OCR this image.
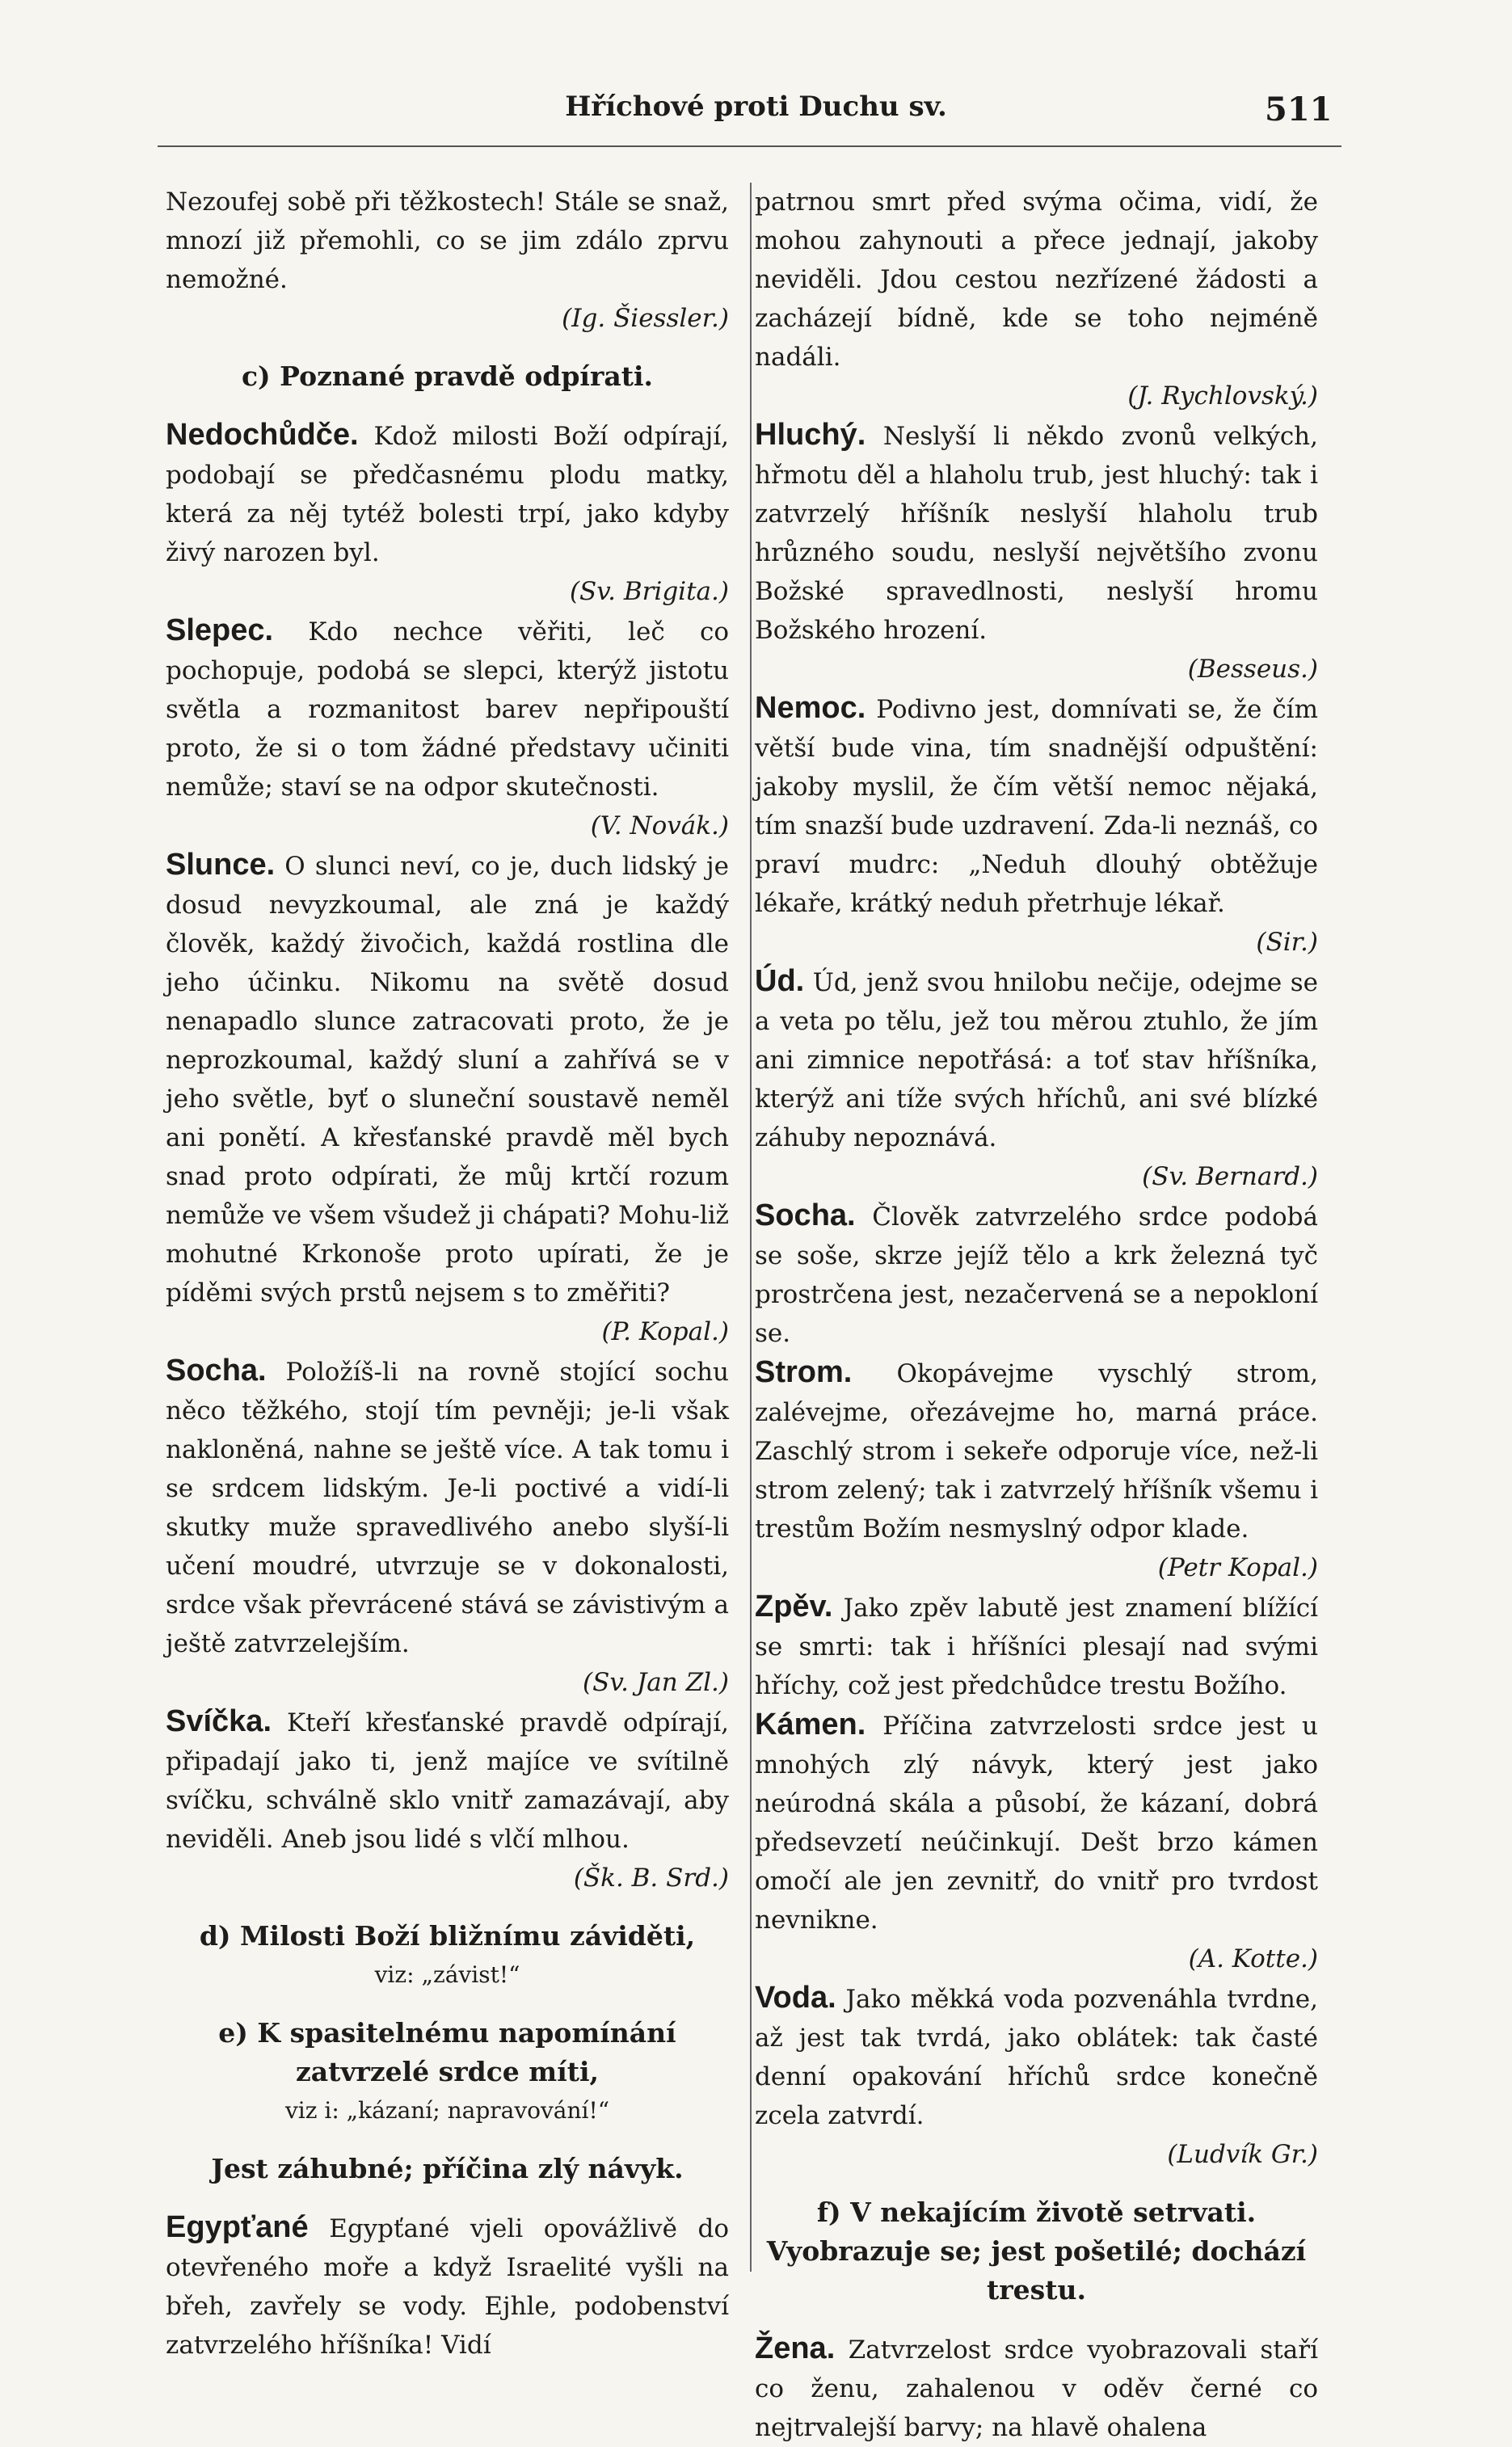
Hříchové proti Duchu sv.	511

Nezoufej sobě při těžkostech! Stále se snaž, mnozí již přemohli, co se jim zdálo zprvu nemožné.
(Ig. Šiessler.)

c) Poznané pravdě odpírati.

Nedochůdče. Kdož milosti Boží odpírají, podobají se předčasnému plodu matky, která za něj tytéž bolesti trpí, jako kdyby živý narozen byl.
(Sv. Brigita.)

Slepec. Kdo nechce věřiti, leč co pochopuje, podobá se slepci, kterýž jistotu světla a rozmanitost barev nepřipouští proto, že si o tom žádné představy učiniti nemůže; staví se na odpor skutečnosti.
(V. Novák.)

Slunce. O slunci neví, co je, duch lidský je dosud nevyzkoumal, ale zná je každý člověk, každý živočich, každá rostlina dle jeho účinku. Nikomu na světě dosud nenapadlo slunce zatracovati proto, že je neprozkoumal, každý sluní a zahřívá se v jeho světle, byť o sluneční soustavě neměl ani ponětí. A křesťanské pravdě měl bych snad proto odpírati, že můj krtčí rozum nemůže ve všem všudež ji chápati? Mohu-liž mohutné Krkonoše proto upírati, že je píděmi svých prstů nejsem s to změřiti?
(P. Kopal.)

Socha. Položíš-li na rovně stojící sochu něco těžkého, stojí tím pevněji; je-li však nakloněná, nahne se ještě více. A tak tomu i se srdcem lidským. Je-li poctivé a vidí-li skutky muže spravedlivého anebo slyší-li učení moudré, utvrzuje se v dokonalosti, srdce však převrácené stává se závistivým a ještě zatvrzelejším.
(Sv. Jan Zl.)

Svíčka. Kteří křesťanské pravdě odpírají, připadají jako ti, jenž majíce ve svítilně svíčku, schválně sklo vnitř zamazávají, aby neviděli. Aneb jsou lidé s vlčí mlhou.
(Šk. B. Srd.)

d) Milosti Boží bližnímu záviděti,
viz: „závist!“

e) K spasitelnému napomínání zatvrzelé srdce míti,
viz i: „kázaní; napravování!“

Jest záhubné; příčina zlý návyk.

Egypťané Egypťané vjeli opovážlivě do otevřeného moře a když Israelité vyšli na břeh, zavřely se vody. Ejhle, podobenství zatvrzelého hříšníka! Vidí

patrnou smrt před svýma očima, vidí, že mohou zahynouti a přece jednají, jakoby neviděli. Jdou cestou nezřízené žádosti a zacházejí bídně, kde se toho nejméně nadáli.
(J. Rychlovský.)

Hluchý. Neslyší li někdo zvonů velkých, hřmotu děl a hlaholu trub, jest hluchý: tak i zatvrzelý hříšník neslyší hlaholu trub hrůzného soudu, neslyší největšího zvonu Božské spravedlnosti, neslyší hromu Božského hrození.
(Besseus.)

Nemoc. Podivno jest, domnívati se, že čím větší bude vina, tím snadnější odpuštění: jakoby myslil, že čím větší nemoc nějaká, tím snazší bude uzdravení. Zda-li neznáš, co praví mudrc: „Neduh dlouhý obtěžuje lékaře, krátký neduh přetrhuje lékař.
(Sir.)

Úd. Úd, jenž svou hnilobu nečije, odejme se a veta po tělu, jež tou měrou ztuhlo, že jím ani zimnice nepotřásá: a toť stav hříšníka, kterýž ani tíže svých hříchů, ani své blízké záhuby nepoznává.
(Sv. Bernard.)

Socha. Člověk zatvrzelého srdce podobá se soše, skrze jejíž tělo a krk železná tyč prostrčena jest, nezačervená se a nepokloní se.

Strom. Okopávejme vyschlý strom, zalévejme, ořezávejme ho, marná práce. Zaschlý strom i sekeře odporuje více, než-li strom zelený; tak i zatvrzelý hříšník všemu i trestům Božím nesmyslný odpor klade.
(Petr Kopal.)

Zpěv. Jako zpěv labutě jest znamení blížící se smrti: tak i hříšníci plesají nad svými hříchy, což jest předchůdce trestu Božího.

Kámen. Příčina zatvrzelosti srdce jest u mnohých zlý návyk, který jest jako neúrodná skála a působí, že kázaní, dobrá předsevzetí neúčinkují. Dešt brzo kámen omočí ale jen zevnitř, do vnitř pro tvrdost nevnikne.
(A. Kotte.)

Voda. Jako měkká voda pozvenáhla tvrdne, až jest tak tvrdá, jako oblátek: tak časté denní opakování hříchů srdce konečně zcela zatvrdí.
(Ludvík Gr.)

f) V nekajícím životě setrvati. Vyobrazuje se; jest pošetilé; dochází trestu.

Žena. Zatvrzelost srdce vyobrazovali staří co ženu, zahalenou v oděv černé co nejtrvalejší barvy; na hlavě ohalena
